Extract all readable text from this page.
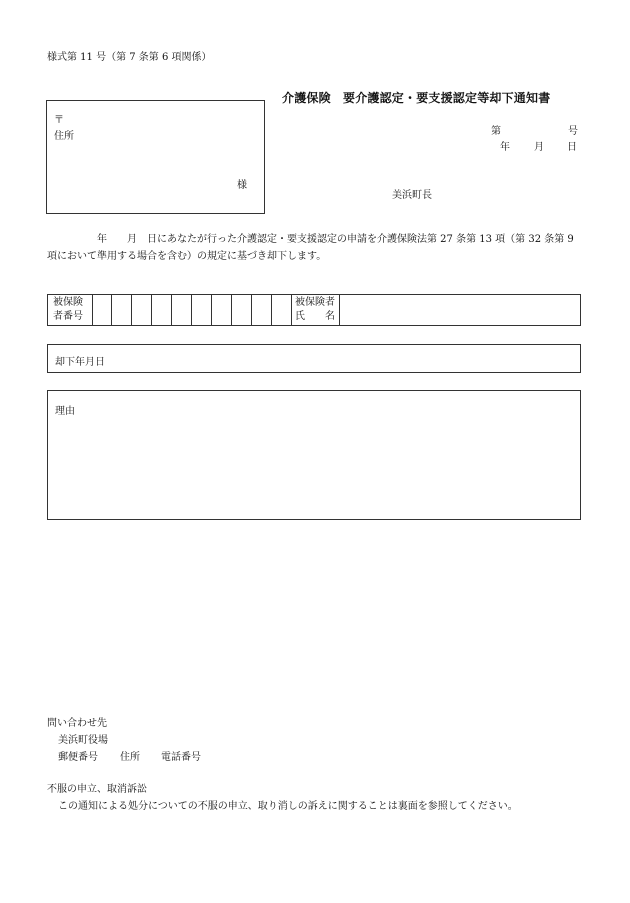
様式第 11 号（第 7 条第 6 項関係）
介護保険　要介護認定・要支援認定等却下通知書
〒
住所
様
第	号
年 月 日
美浜町長
　　　　　年　　月　日にあなたが行った介護認定・要支援認定の申請を介護保険法第 27 条第 13 項（第 32 条第 9
項において準用する場合を含む）の規定に基づき却下します。
被保険
者番号
被保険者
氏　　名
却下年月日
理由
問い合わせ先
美浜町役場
郵便番号 住所 電話番号
不服の申立、取消訴訟
この通知による処分についての不服の申立、取り消しの訴えに関することは裏面を参照してください。
